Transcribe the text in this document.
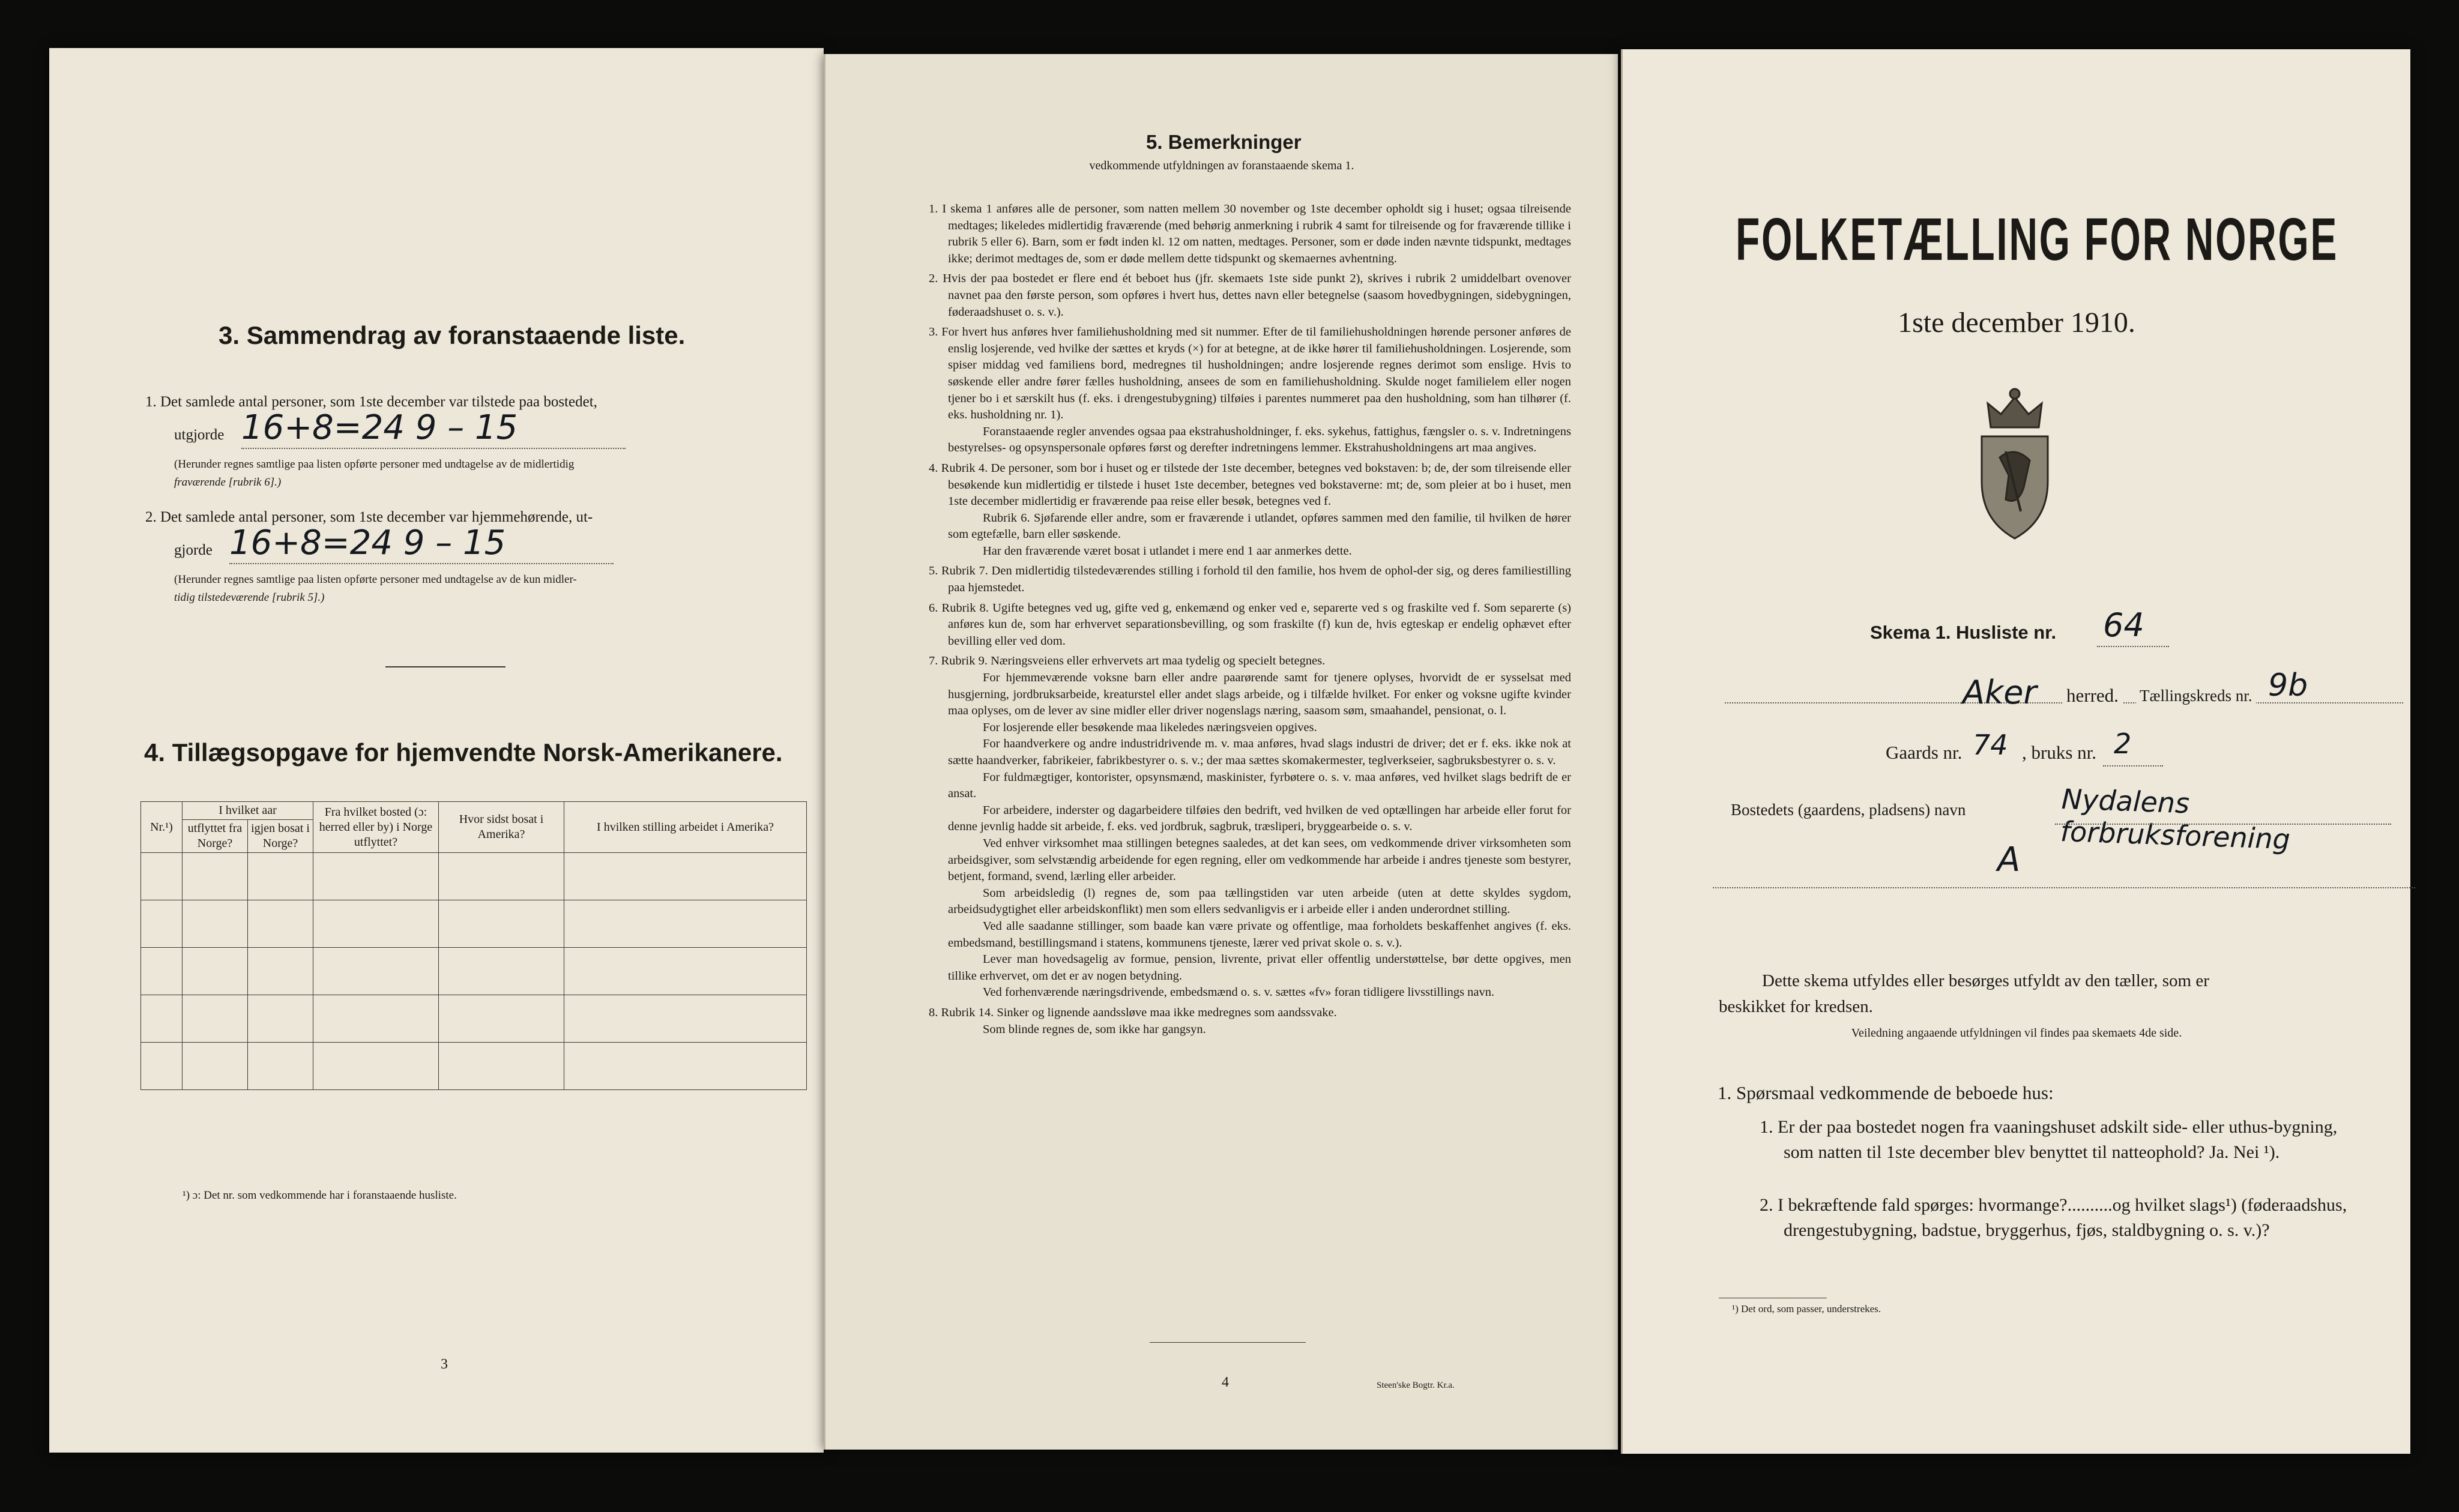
3. Sammendrag av foranstaaende liste.
1. Det samlede antal personer, som 1ste december var tilstede paa bostedet,
utgjorde 16+8=24 9 – 15
(Herunder regnes samtlige paa listen opførte personer med undtagelse av de midlertidig
fraværende [rubrik 6].)
2. Det samlede antal personer, som 1ste december var hjemmehørende, ut-
gjorde 16+8=24 9 – 15
(Herunder regnes samtlige paa listen opførte personer med undtagelse av de kun midler-
tidig tilstedeværende [rubrik 5].)
4. Tillægsopgave for hjemvendte Norsk-Amerikanere.
Nr.¹)	I hvilket aar		Fra hvilket bosted (ɔ: herred eller by) i Norge utflyttet?	Hvor sidst bosat i Amerika?	I hvilken stilling arbeidet i Amerika?
	utflyttet fra Norge?	igjen bosat i Norge?			

¹) ɔ: Det nr. som vedkommende har i foranstaaende husliste.
3
5. Bemerkninger
vedkommende utfyldningen av foranstaaende skema 1.

1. I skema 1 anføres alle de personer, som natten mellem 30 november og 1ste december opholdt sig i huset; ogsaa tilreisende medtages; likeledes midlertidig fraværende (med behørig anmerkning i rubrik 4 samt for tilreisende og for fraværende tillike i rubrik 5 eller 6). Barn, som er født inden kl. 12 om natten, medtages. Personer, som er døde inden nævnte tidspunkt, medtages ikke; derimot medtages de, som er døde mellem dette tidspunkt og skemaernes avhentning.

2. Hvis der paa bostedet er flere end ét beboet hus (jfr. skemaets 1ste side punkt 2), skrives i rubrik 2 umiddelbart ovenover navnet paa den første person, som opføres i hvert hus, dettes navn eller betegnelse (saasom hovedbygningen, sidebygningen, føderaadshuset o. s. v.).

3. For hvert hus anføres hver familiehusholdning med sit nummer. Efter de til familiehusholdningen hørende personer anføres de enslig losjerende, ved hvilke der sættes et kryds (×) for at betegne, at de ikke hører til familiehusholdningen. Losjerende, som spiser middag ved familiens bord, medregnes til husholdningen; andre losjerende regnes derimot som enslige. Hvis to søskende eller andre fører fælles husholdning, ansees de som en familiehusholdning. Skulde noget familielem eller nogen tjener bo i et særskilt hus (f. eks. i drengestubygning) tilføies i parentes nummeret paa den husholdning, som han tilhører (f. eks. husholdning nr. 1).

Foranstaaende regler anvendes ogsaa paa ekstrahusholdninger, f. eks. sykehus, fattighus, fængsler o. s. v. Indretningens bestyrelses- og opsynspersonale opføres først og derefter indretningens lemmer. Ekstrahusholdningens art maa angives.

4. Rubrik 4. De personer, som bor i huset og er tilstede der 1ste december, betegnes ved bokstaven: b; de, der som tilreisende eller besøkende kun midlertidig er tilstede i huset 1ste december, betegnes ved bokstaverne: mt; de, som pleier at bo i huset, men 1ste december midlertidig er fraværende paa reise eller besøk, betegnes ved f.

Rubrik 6. Sjøfarende eller andre, som er fraværende i utlandet, opføres sammen med den familie, til hvilken de hører som egtefælle, barn eller søskende.

Har den fraværende været bosat i utlandet i mere end 1 aar anmerkes dette.

5. Rubrik 7. Den midlertidig tilstedeværendes stilling i forhold til den familie, hos hvem de ophol-der sig, og deres familiestilling paa hjemstedet.

6. Rubrik 8. Ugifte betegnes ved ug, gifte ved g, enkemænd og enker ved e, separerte ved s og fraskilte ved f. Som separerte (s) anføres kun de, som har erhvervet separationsbevilling, og som fraskilte (f) kun de, hvis egteskap er endelig ophævet efter bevilling eller ved dom.

7. Rubrik 9. Næringsveiens eller erhvervets art maa tydelig og specielt betegnes.

For hjemmeværende voksne barn eller andre paarørende samt for tjenere oplyses, hvorvidt de er sysselsat med husgjerning, jordbruksarbeide, kreaturstel eller andet slags arbeide, og i tilfælde hvilket. For enker og voksne ugifte kvinder maa oplyses, om de lever av sine midler eller driver nogenslags næring, saasom søm, smaahandel, pensionat, o. l.

For losjerende eller besøkende maa likeledes næringsveien opgives.

For haandverkere og andre industridrivende m. v. maa anføres, hvad slags industri de driver; det er f. eks. ikke nok at sætte haandverker, fabrikeier, fabrikbestyrer o. s. v.; der maa sættes skomakermester, teglverkseier, sagbruksbestyrer o. s. v.

For fuldmægtiger, kontorister, opsynsmænd, maskinister, fyrbøtere o. s. v. maa anføres, ved hvilket slags bedrift de er ansat.

For arbeidere, inderster og dagarbeidere tilføies den bedrift, ved hvilken de ved optællingen har arbeide eller forut for denne jevnlig hadde sit arbeide, f. eks. ved jordbruk, sagbruk, træsliperi, bryggearbeide o. s. v.

Ved enhver virksomhet maa stillingen betegnes saaledes, at det kan sees, om vedkommende driver virksomheten som arbeidsgiver, som selvstændig arbeidende for egen regning, eller om vedkommende har arbeide i andres tjeneste som bestyrer, betjent, formand, svend, lærling eller arbeider.

Som arbeidsledig (l) regnes de, som paa tællingstiden var uten arbeide (uten at dette skyldes sygdom, arbeidsudygtighet eller arbeidskonflikt) men som ellers sedvanligvis er i arbeide eller i anden underordnet stilling.

Ved alle saadanne stillinger, som baade kan være private og offentlige, maa forholdets beskaffenhet angives (f. eks. embedsmand, bestillingsmand i statens, kommunens tjeneste, lærer ved privat skole o. s. v.).

Lever man hovedsagelig av formue, pension, livrente, privat eller offentlig understøttelse, bør dette opgives, men tillike erhvervet, om det er av nogen betydning.

Ved forhenværende næringsdrivende, embedsmænd o. s. v. sættes «fv» foran tidligere livsstillings navn.

8. Rubrik 14. Sinker og lignende aandssløve maa ikke medregnes som aandssvake.

Som blinde regnes de, som ikke har gangsyn.

4	Steen'ske Bogtr. Kr.a.
FOLKETÆLLING FOR NORGE
1ste december 1910.
Skema 1. Husliste nr. 64
Aker herred. Tællingskreds nr. 9b
Gaards nr. 74 , bruks nr. 2
Bostedets (gaardens, pladsens) navn	Nydalens forbruksforening
A
Dette skema utfyldes eller besørges utfyldt av den tæller, som er
beskikket for kredsen.
Veiledning angaaende utfyldningen vil findes paa skemaets 4de side.
1. Spørsmaal vedkommende de beboede hus:
1. Er der paa bostedet nogen fra vaaningshuset adskilt side- eller uthus-bygning, som natten til 1ste december blev benyttet til natteophold? Ja. Nei ¹).
2. I bekræftende fald spørges: hvormange?..........og hvilket slags¹) (føderaadshus, drengestubygning, badstue, bryggerhus, fjøs, staldbygning o. s. v.)?
¹) Det ord, som passer, understrekes.
